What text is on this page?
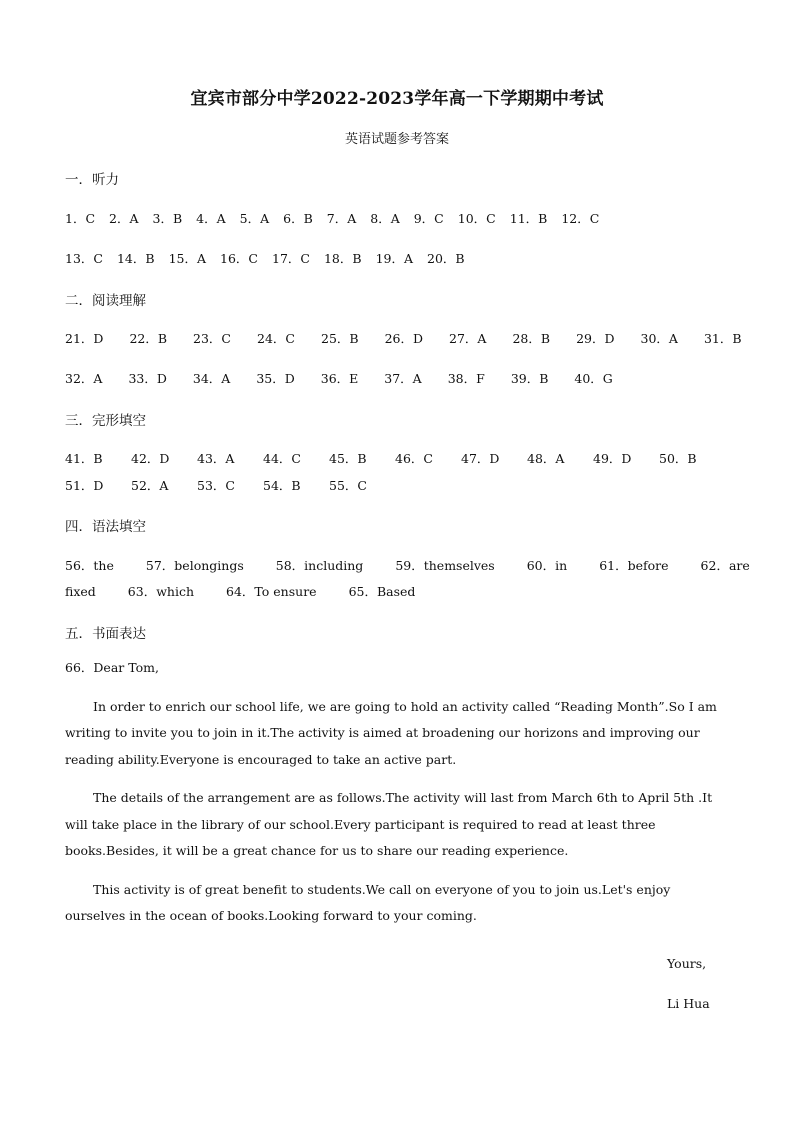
宜宾市部分中学2022-2023学年高一下学期期中考试
英语试题参考答案
一．听力
1．C 2．A 3．B 4．A 5．A 6．B 7．A 8．A 9．C 10．C 11．B 12．C
13．C 14．B 15．A 16．C 17．C 18．B 19．A 20．B
二．阅读理解
21．D 22．B 23．C 24．C 25．B 26．D 27．A 28．B 29．D 30．A 31．B
32．A 33．D 34．A 35．D 36．E 37．A 38．F 39．B 40．G
三．完形填空
41．B 42．D 43．A 44．C 45．B 46．C 47．D 48．A 49．D 50．B
51．D 52．A 53．C 54．B 55．C
四．语法填空
56．the	57．belongings	58．including	59．themselves	60．in	61．before	62．are
fixed	63．which	64．To ensure	65．Based
五．书面表达

66．Dear Tom,

In order to enrich our school life, we are going to hold an activity called “Reading Month”.So I am writing to invite you to join in it.The activity is aimed at broadening our horizons and improving our reading ability.Everyone is encouraged to take an active part.

The details of the arrangement are as follows.The activity will last from March 6th to April 5th .It will take place in the library of our school.Every participant is required to read at least three books.Besides, it will be a great chance for us to share our reading experience.

This activity is of great benefit to students.We call on everyone of you to join us.Let's enjoy ourselves in the ocean of books.Looking forward to your coming.

Yours,
Li Hua
